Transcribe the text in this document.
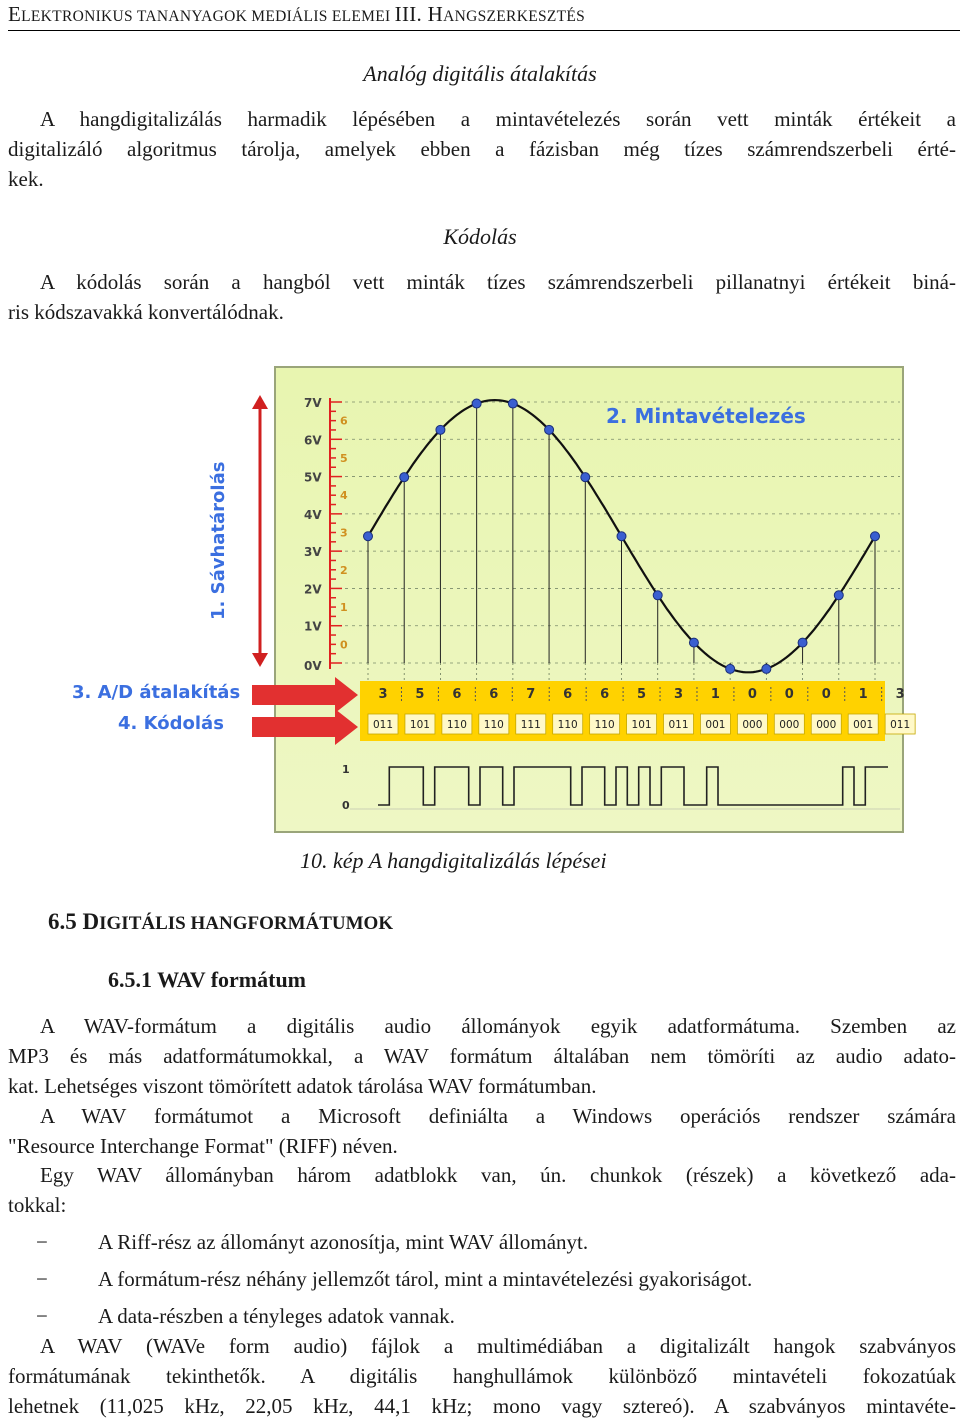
ELEKTRONIKUS TANANYAGOK MEDIÁLIS ELEMEI III. HANGSZERKESZTÉS
Analóg digitális átalakítás
A hangdigitalizálás harmadik lépésében a mintavételezés során vett minták értékeit a
digitalizáló algoritmus tárolja, amelyek ebben a fázisban még tízes számrendszerbeli érté-
kek.
Kódolás
A kódolás során a hangból vett minták tízes számrendszerbeli pillanatnyi értékeit biná-
ris kódszavakká konvertálódnak.
7V
6V
5V
4V
3V
2V
1V
0V
6
5
4
3
2
1
0
3 5 6 6 7 6 6 5 3 1 0 0 0 1 3
011 101 110 110 111 110 110 101 011 001 000 000 000 001 011
1
0
2. Mintavételezés
1. Sávhatárolás
3. A/D átalakítás
4. Kódolás
10. kép A hangdigitalizálás lépései
6.5 DIGITÁLIS HANGFORMÁTUMOK
6.5.1 WAV formátum
A WAV-formátum a digitális audio állományok egyik adatformátuma. Szemben az
MP3 és más adatformátumokkal, a WAV formátum általában nem tömöríti az audio adato-
kat. Lehetséges viszont tömörített adatok tárolása WAV formátumban.
A WAV formátumot a Microsoft definiálta a Windows operációs rendszer számára
"Resource Interchange Format" (RIFF) néven.
Egy WAV állományban három adatblokk van, ún. chunkok (részek) a következő ada-
tokkal:
− A Riff-rész az állományt azonosítja, mint WAV állományt.
− A formátum-rész néhány jellemzőt tárol, mint a mintavételezési gyakoriságot.
− A data-részben a tényleges adatok vannak.
A WAV (WAVe form audio) fájlok a multimédiában a digitalizált hangok szabványos
formátumának tekinthetők. A digitális hanghullámok különböző mintavételi fokozatúak
lehetnek (11,025 kHz, 22,05 kHz, 44,1 kHz; mono vagy sztereó). A szabványos mintavéte-
